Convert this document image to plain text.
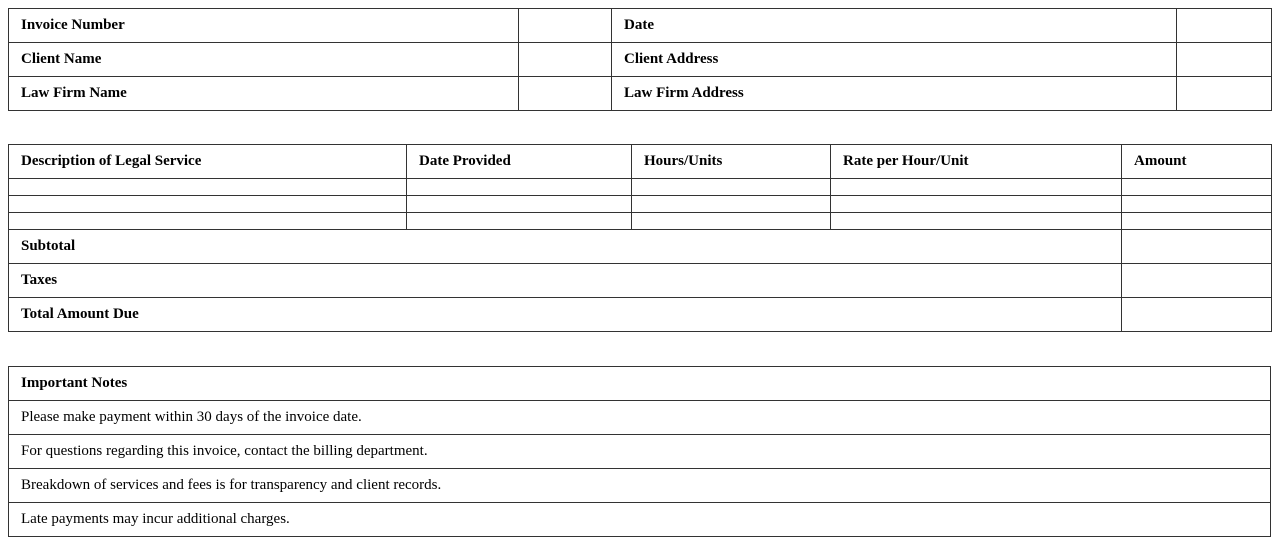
Invoice Number		Date	
Client Name		Client Address	
Law Firm Name		Law Firm Address	
Description of Legal Service	Date Provided	Hours/Units	Rate per Hour/Unit	Amount

Subtotal				
Taxes				
Total Amount Due				
Important Notes
Please make payment within 30 days of the invoice date.
For questions regarding this invoice, contact the billing department.
Breakdown of services and fees is for transparency and client records.
Late payments may incur additional charges.
